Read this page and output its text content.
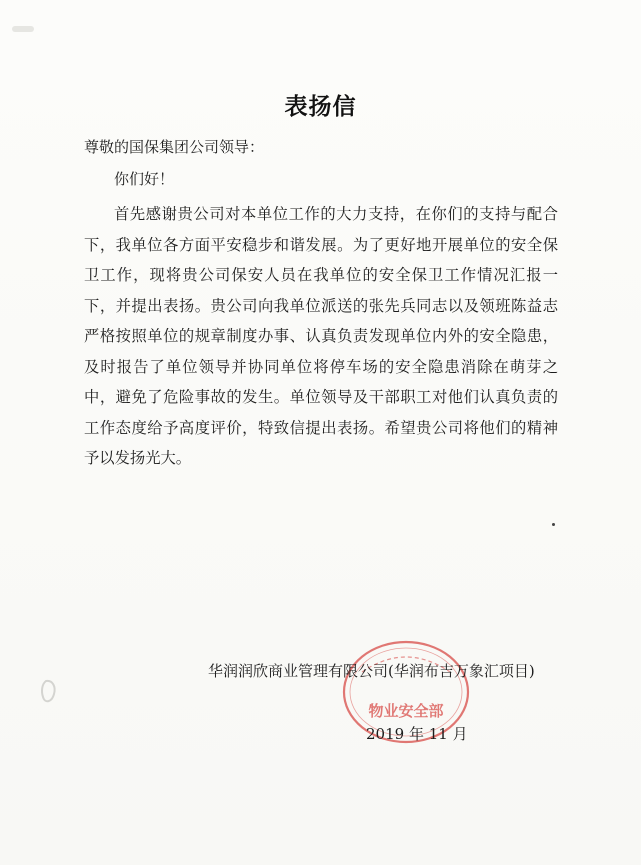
表扬信
尊敬的国保集团公司领导：
你们好！

首先感谢贵公司对本单位工作的大力支持，在你们的支持与配合下，我单位各方面平安稳步和谐发展。为了更好地开展单位的安全保卫工作，现将贵公司保安人员在我单位的安全保卫工作情况汇报一下，并提出表扬。贵公司向我单位派送的张先兵同志以及领班陈益志严格按照单位的规章制度办事、认真负责发现单位内外的安全隐患，及时报告了单位领导并协同单位将停车场的安全隐患消除在萌芽之中，避免了危险事故的发生。单位领导及干部职工对他们认真负责的工作态度给予高度评价，特致信提出表扬。希望贵公司将他们的精神予以发扬光大。

物业安全部
华润润欣商业管理有限公司(华润布吉万象汇项目)
2019 年 11 月
